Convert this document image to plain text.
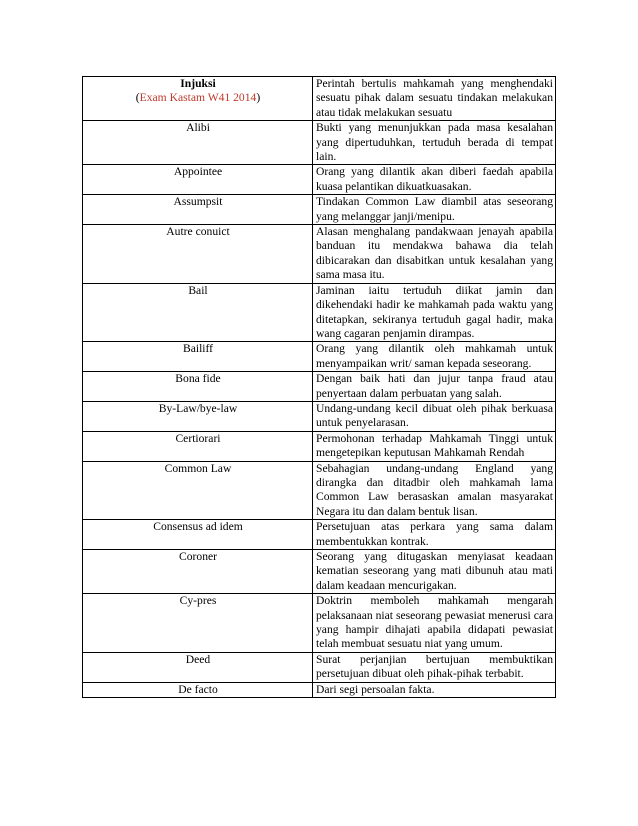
Injuksi
(Exam Kastam W41 2014)	Perintah bertulis mahkamah yang menghendaki sesuatu pihak dalam sesuatu tindakan melakukan atau tidak melakukan sesuatu
Alibi	Bukti yang menunjukkan pada masa kesalahan yang dipertuduhkan, tertuduh berada di tempat lain.
Appointee	Orang yang dilantik akan diberi faedah apabila kuasa pelantikan dikuatkuasakan.
Assumpsit	Tindakan Common Law diambil atas seseorang yang melanggar janji/menipu.
Autre conuict	Alasan menghalang pandakwaan jenayah apabila banduan itu mendakwa bahawa dia telah dibicarakan dan disabitkan untuk kesalahan yang sama masa itu.
Bail	Jaminan iaitu tertuduh diikat jamin dan dikehendaki hadir ke mahkamah pada waktu yang ditetapkan, sekiranya tertuduh gagal hadir, maka wang cagaran penjamin dirampas.
Bailiff	Orang yang dilantik oleh mahkamah untuk menyampaikan writ/ saman kepada seseorang.
Bona fide	Dengan baik hati dan jujur tanpa fraud atau penyertaan dalam perbuatan yang salah.
By-Law/bye-law	Undang-undang kecil dibuat oleh pihak berkuasa untuk penyelarasan.
Certiorari	Permohonan terhadap Mahkamah Tinggi untuk mengetepikan keputusan Mahkamah Rendah
Common Law	Sebahagian undang-undang England yang dirangka dan ditadbir oleh mahkamah lama Common Law berasaskan amalan masyarakat Negara itu dan dalam bentuk lisan.
Consensus ad idem	Persetujuan atas perkara yang sama dalam membentukkan kontrak.
Coroner	Seorang yang ditugaskan menyiasat keadaan kematian seseorang yang mati dibunuh atau mati dalam keadaan mencurigakan.
Cy-pres	Doktrin memboleh mahkamah mengarah pelaksanaan niat seseorang pewasiat menerusi cara yang hampir dihajati apabila didapati pewasiat telah membuat sesuatu niat yang umum.
Deed	Surat perjanjian bertujuan membuktikan persetujuan dibuat oleh pihak-pihak terbabit.
De facto	Dari segi persoalan fakta.
